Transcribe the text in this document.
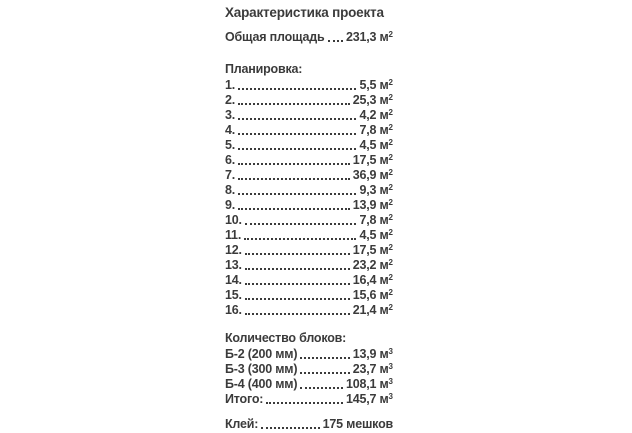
Характеристика проекта
Общая площадь 231,3 $м^2$
Планировка:
1.	5,5 $м^2$
2.	25,3 $м^2$
3.	4,2 $м^2$
4.	7,8 $м^2$
5.	4,5 $м^2$
6.	17,5 $м^2$
7.	36,9 $м^2$
8.	9,3 $м^2$
9.	13,9 $м^2$
10.	7,8 $м^2$
11.	4,5 $м^2$
12.	17,5 $м^2$
13.	23,2 $м^2$
14.	16,4 $м^2$
15.	15,6 $м^2$
16.	21,4 $м^2$
Количество блоков:
Б-2 (200 мм)	13,9 $м^3$
Б-3 (300 мм)	23,7 $м^3$
Б-4 (400 мм)	108,1 $м^3$
Итого:	145,7 $м^3$
Клей:	175 мешков
